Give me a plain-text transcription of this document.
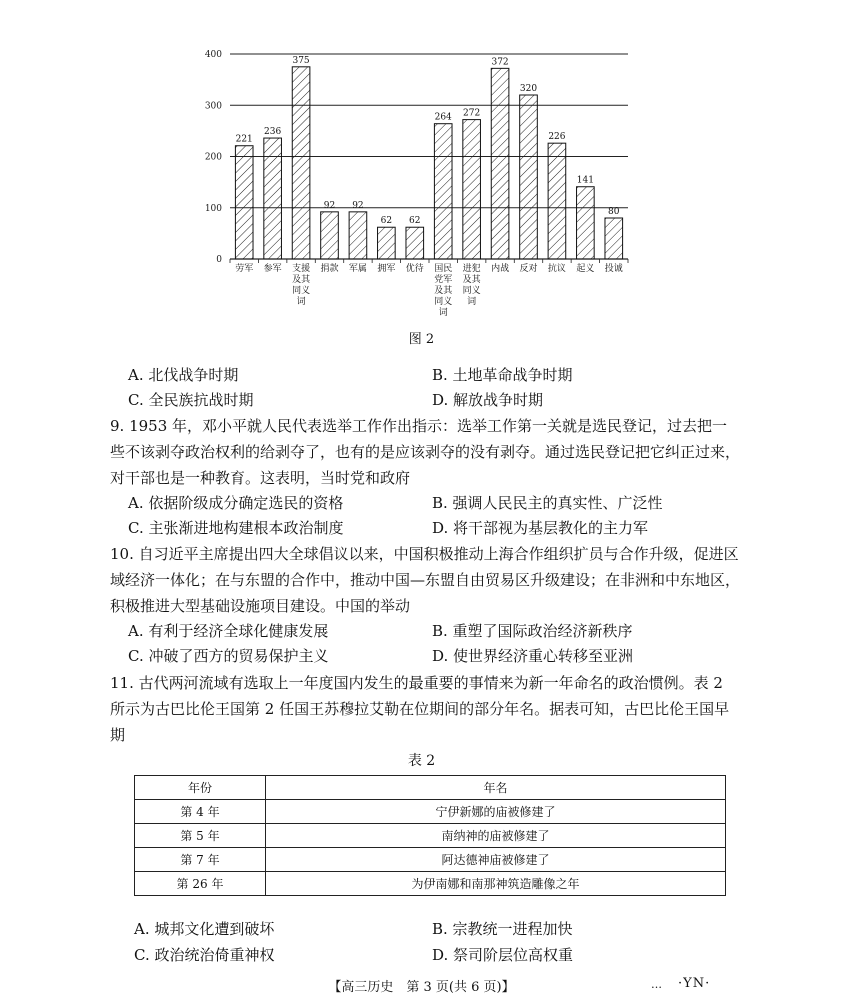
0
100
200
300
400
221
劳军
236
参军
375
支援及其同义词
92
捐款
92
军属
62
拥军
62
优待
264
国民党军及其同义词
272
进犯及其同义词
372
内战
320
反对
226
抗议
141
起义
80
投诚
图 2
A. 北伐战争时期	B. 土地革命战争时期
C. 全民族抗战时期	D. 解放战争时期
9. 1953 年，邓小平就人民代表选举工作作出指示：选举工作第一关就是选民登记，过去把一些不该剥夺政治权利的给剥夺了，也有的是应该剥夺的没有剥夺。通过选民登记把它纠正过来，对干部也是一种教育。这表明，当时党和政府
A. 依据阶级成分确定选民的资格	B. 强调人民民主的真实性、广泛性
C. 主张渐进地构建根本政治制度	D. 将干部视为基层教化的主力军
10. 自习近平主席提出四大全球倡议以来，中国积极推动上海合作组织扩员与合作升级，促进区域经济一体化；在与东盟的合作中，推动中国—东盟自由贸易区升级建设；在非洲和中东地区，积极推进大型基础设施项目建设。中国的举动
A. 有利于经济全球化健康发展	B. 重塑了国际政治经济新秩序
C. 冲破了西方的贸易保护主义	D. 使世界经济重心转移至亚洲
11. 古代两河流域有选取上一年度国内发生的最重要的事情来为新一年命名的政治惯例。表 2 所示为古巴比伦王国第 2 任国王苏穆拉艾勒在位期间的部分年名。据表可知，古巴比伦王国早期
表 2
年份	年名
第 4 年	宁伊新娜的庙被修建了
第 5 年	南纳神的庙被修建了
第 7 年	阿达德神庙被修建了
第 26 年	为伊南娜和南那神筑造雕像之年
A. 城邦文化遭到破坏	B. 宗教统一进程加快
C. 政治统治倚重神权	D. 祭司阶层位高权重
【高三历史　第 3 页(共 6 页)】	… ·YN·
